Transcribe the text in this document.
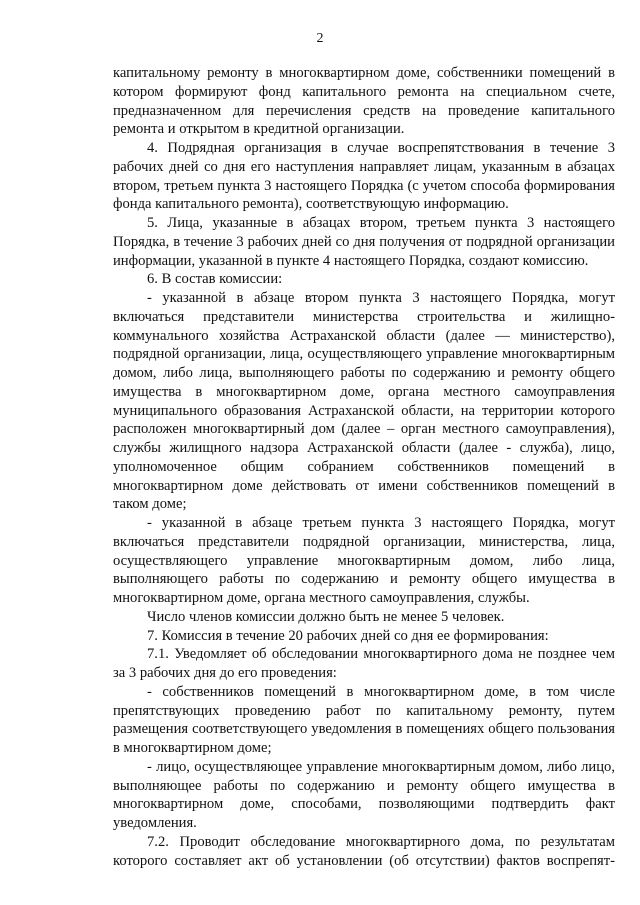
2

капитальному ремонту в многоквартирном доме, собственники помещений в котором формируют фонд капитального ремонта на специальном счете, предназначенном для перечисления средств на проведение капитального ремонта и открытом в кредитной организации.

4. Подрядная организация в случае воспрепятствования в течение 3 рабочих дней со дня его наступления направляет лицам, указанным в абзацах втором, третьем пункта 3 настоящего Порядка (с учетом способа формирования фонда капитального ремонта), соответствующую информацию.

5. Лица, указанные в абзацах втором, третьем пункта 3 настоящего Порядка, в течение 3 рабочих дней со дня получения от подрядной организации информации, указанной в пункте 4 настоящего Порядка, создают комиссию.

6. В состав комиссии:

- указанной в абзаце втором пункта 3 настоящего Порядка, могут включаться представители министерства строительства и жилищно-коммунального хозяйства Астраханской области (далее — министерство), подрядной организации, лица, осуществляющего управление многоквартирным домом, либо лица, выполняющего работы по содержанию и ремонту общего имущества в многоквартирном доме, органа местного самоуправления муниципального образования Астраханской области, на территории которого расположен многоквартирный дом (далее – орган местного самоуправления), службы жилищного надзора Астраханской области (далее - служба), лицо, уполномоченное общим собранием собственников помещений в многоквартирном доме действовать от имени собственников помещений в таком доме;

- указанной в абзаце третьем пункта 3 настоящего Порядка, могут включаться представители подрядной организации, министерства, лица, осуществляющего управление многоквартирным домом, либо лица, выполняющего работы по содержанию и ремонту общего имущества в многоквартирном доме, органа местного самоуправления, службы.

Число членов комиссии должно быть не менее 5 человек.

7. Комиссия в течение 20 рабочих дней со дня ее формирования:

7.1. Уведомляет об обследовании многоквартирного дома не позднее чем за 3 рабочих дня до его проведения:

- собственников помещений в многоквартирном доме, в том числе препятствующих проведению работ по капитальному ремонту, путем размещения соответствующего уведомления в помещениях общего пользования в многоквартирном доме;

- лицо, осуществляющее управление многоквартирным домом, либо лицо, выполняющее работы по содержанию и ремонту общего имущества в многоквартирном доме, способами, позволяющими подтвердить факт уведомления.

7.2. Проводит обследование многоквартирного дома, по результатам которого составляет акт об установлении (об отсутствии) фактов воспрепят-
